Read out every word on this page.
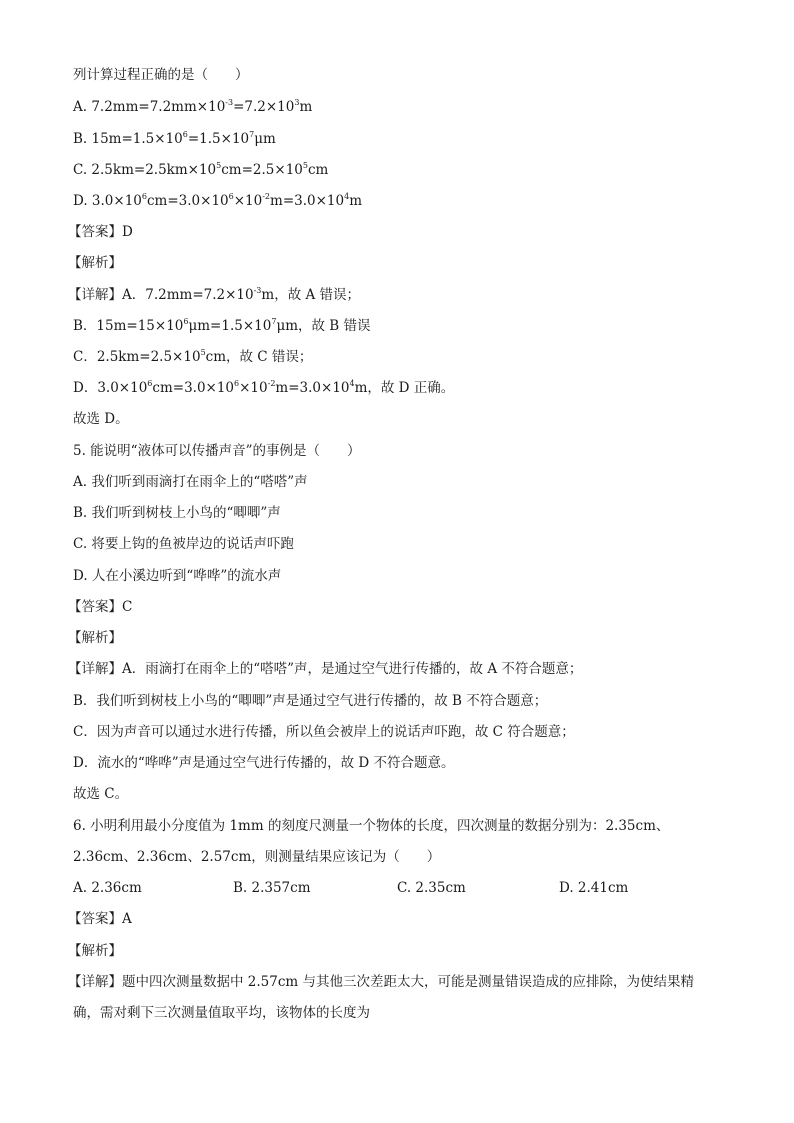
列计算过程正确的是（　　）
A. $7.2mm=7.2mm\times 10^{-3}=7.2\times 10^3m$
B. $15m=1.5\times 10^6=1.5\times 10^7\mu m$
C. $2.5km=2.5km\times 10^5cm=2.5\times 10^5cm$
D. $3.0\times 10^6cm=3.0\times 10^6\times 10^{-2}m=3.0\times 10^4m$
【答案】D
【解析】
【详解】A．$7.2mm=7.2\times 10^{-3}m$，故 A 错误；
B．$15m=15\times 10^6\mu m=1.5\times 10^7\mu m$，故 B 错误
C．$2.5km=2.5\times 10^5cm$，故 C 错误；
D．$3.0\times 10^6cm=3.0\times 10^6\times 10^{-2}m=3.0\times 10^4m$，故 D 正确。
故选 D。
5. 能说明“液体可以传播声音”的事例是（　　）
A. 我们听到雨滴打在雨伞上的“嗒嗒”声
B. 我们听到树枝上小鸟的“唧唧”声
C. 将要上钩的鱼被岸边的说话声吓跑
D. 人在小溪边听到“哗哗”的流水声
【答案】C
【解析】
【详解】A．雨滴打在雨伞上的“嗒嗒”声，是通过空气进行传播的，故 A 不符合题意；
B．我们听到树枝上小鸟的“唧唧”声是通过空气进行传播的，故 B 不符合题意；
C．因为声音可以通过水进行传播，所以鱼会被岸上的说话声吓跑，故 C 符合题意；
D．流水的“哗哗”声是通过空气进行传播的，故 D 不符合题意。
故选 C。
6. 小明利用最小分度值为 1mm 的刻度尺测量一个物体的长度，四次测量的数据分别为：2.35cm、
2.36cm、2.36cm、2.57cm，则测量结果应该记为（　　）
A. 2.36cm	B. 2.357cm	C. 2.35cm	D. 2.41cm
【答案】A
【解析】
【详解】题中四次测量数据中 2.57cm 与其他三次差距太大，可能是测量错误造成的应排除，为使结果精
确，需对剩下三次测量值取平均，该物体的长度为
